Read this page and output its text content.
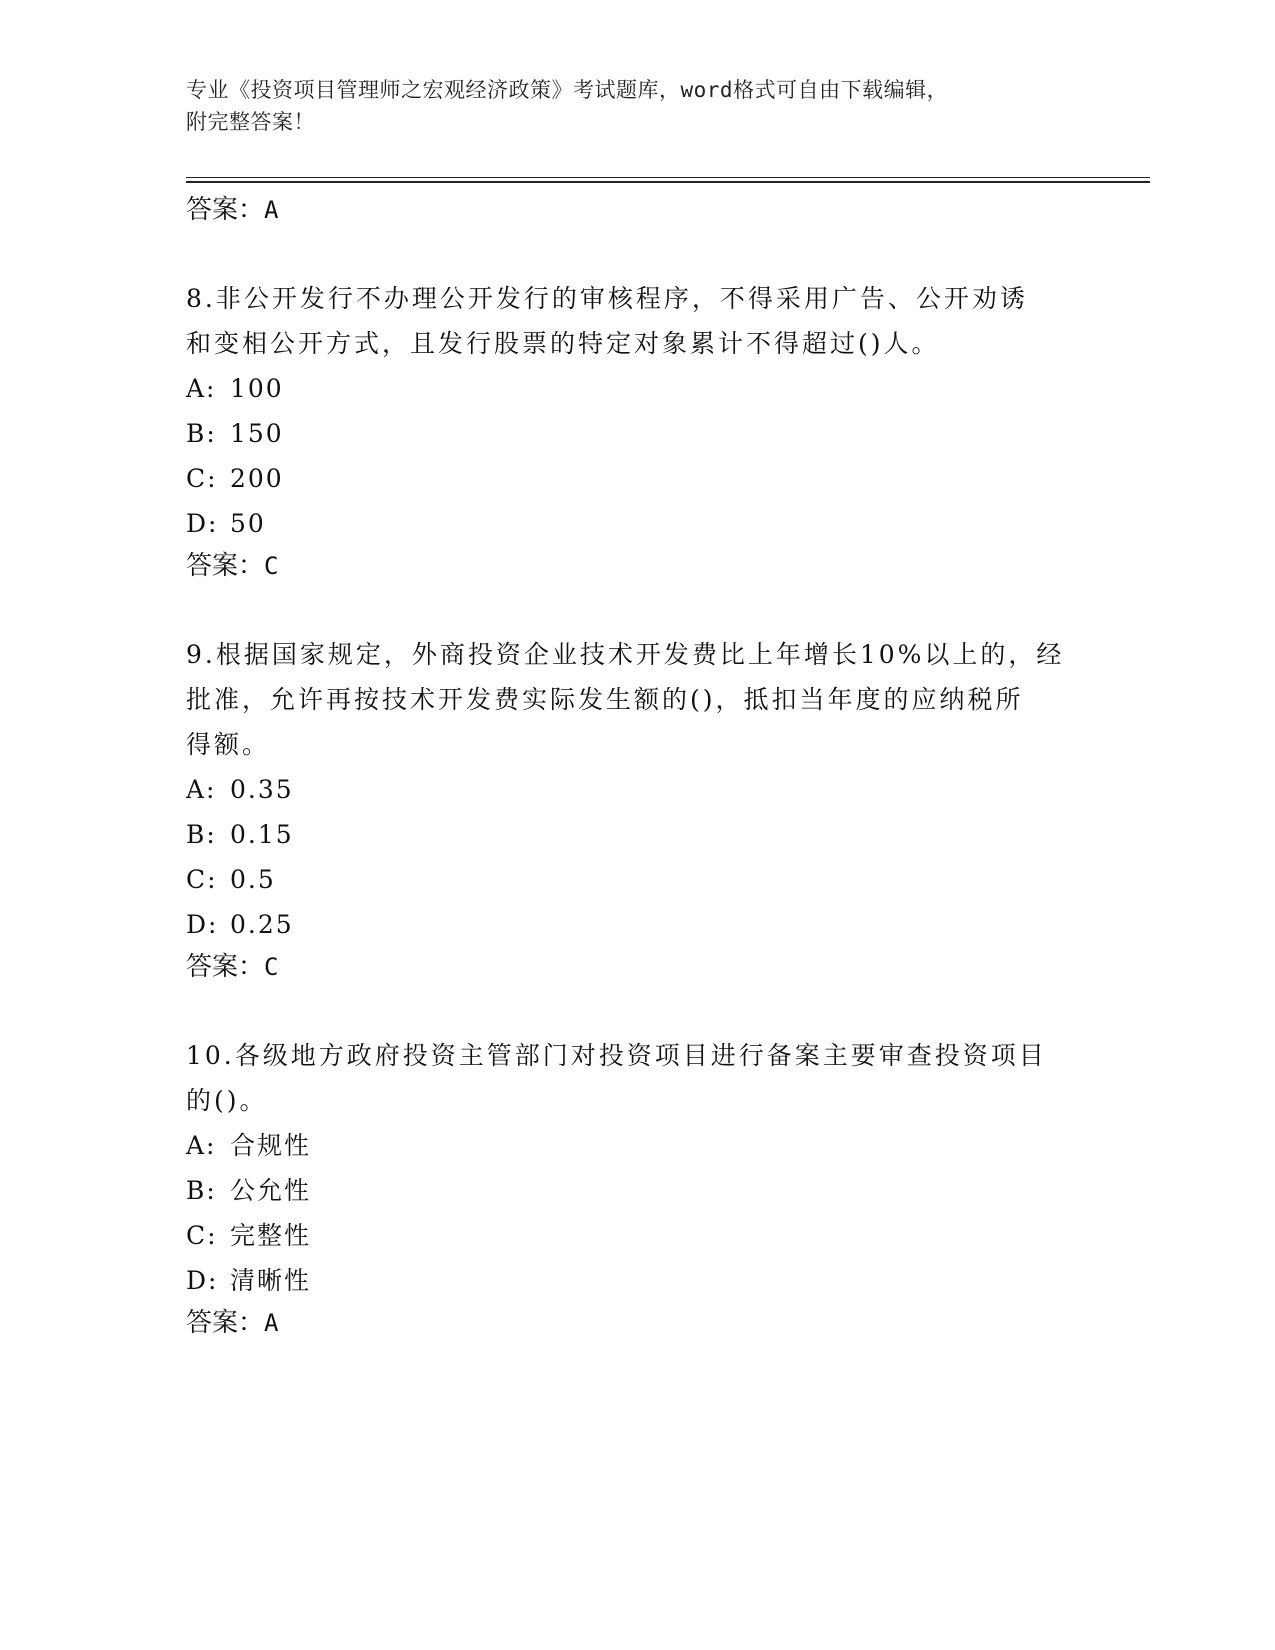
专业《投资项目管理师之宏观经济政策》考试题库，word格式可自由下载编辑，
附完整答案！
答案：A
8.非公开发行不办理公开发行的审核程序，不得采用广告、公开劝诱
和变相公开方式，且发行股票的特定对象累计不得超过()人。
A: 100
B: 150
C: 200
D: 50
答案：C
9.根据国家规定，外商投资企业技术开发费比上年增长10%以上的，经
批准，允许再按技术开发费实际发生额的()，抵扣当年度的应纳税所
得额。
A: 0.35
B: 0.15
C: 0.5
D: 0.25
答案：C
10.各级地方政府投资主管部门对投资项目进行备案主要审查投资项目
的()。
A: 合规性
B: 公允性
C: 完整性
D: 清晰性
答案：A
